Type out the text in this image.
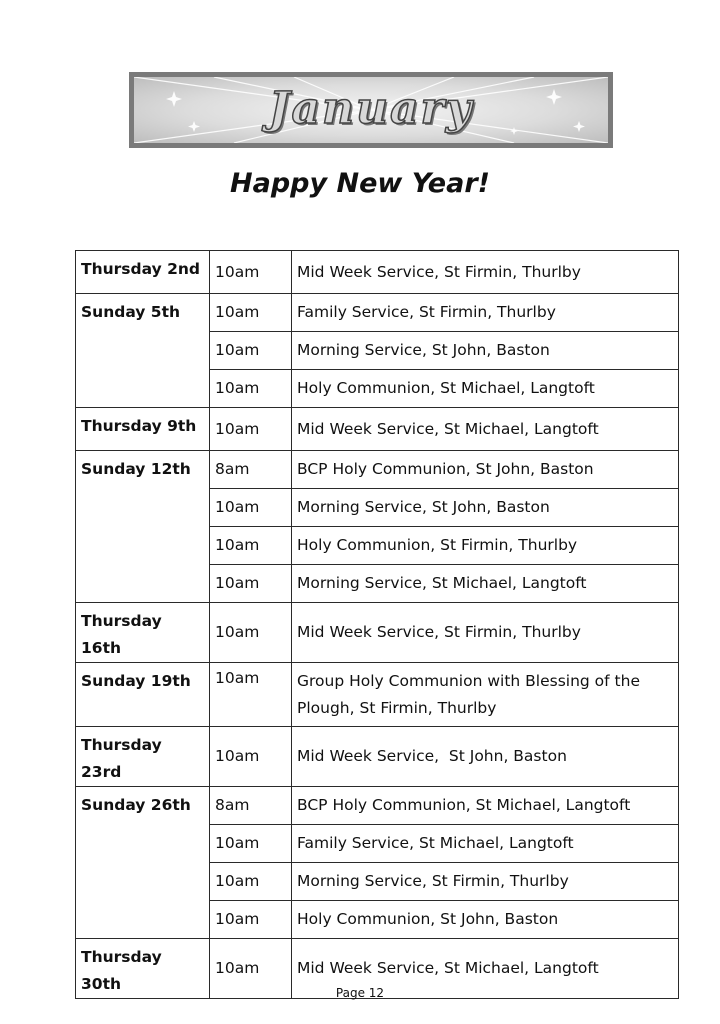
January
Happy New Year!
Thursday 2nd	10am	Mid Week Service, St Firmin, Thurlby
Sunday 5th	10am	Family Service, St Firmin, Thurlby
	10am	Morning Service, St John, Baston
	10am	Holy Communion, St Michael, Langtoft
Thursday 9th	10am	Mid Week Service, St Michael, Langtoft
Sunday 12th	8am	BCP Holy Communion, St John, Baston
	10am	Morning Service, St John, Baston
	10am	Holy Communion, St Firmin, Thurlby
	10am	Morning Service, St Michael, Langtoft
Thursday 16th	10am	Mid Week Service, St Firmin, Thurlby
Sunday 19th	10am	Group Holy Communion with Blessing of the Plough, St Firmin, Thurlby
Thursday 23rd	10am	Mid Week Service,  St John, Baston
Sunday 26th	8am	BCP Holy Communion, St Michael, Langtoft
	10am	Family Service, St Michael, Langtoft
	10am	Morning Service, St Firmin, Thurlby
	10am	Holy Communion, St John, Baston
Thursday 30th	10am	Mid Week Service, St Michael, Langtoft
Page 12
